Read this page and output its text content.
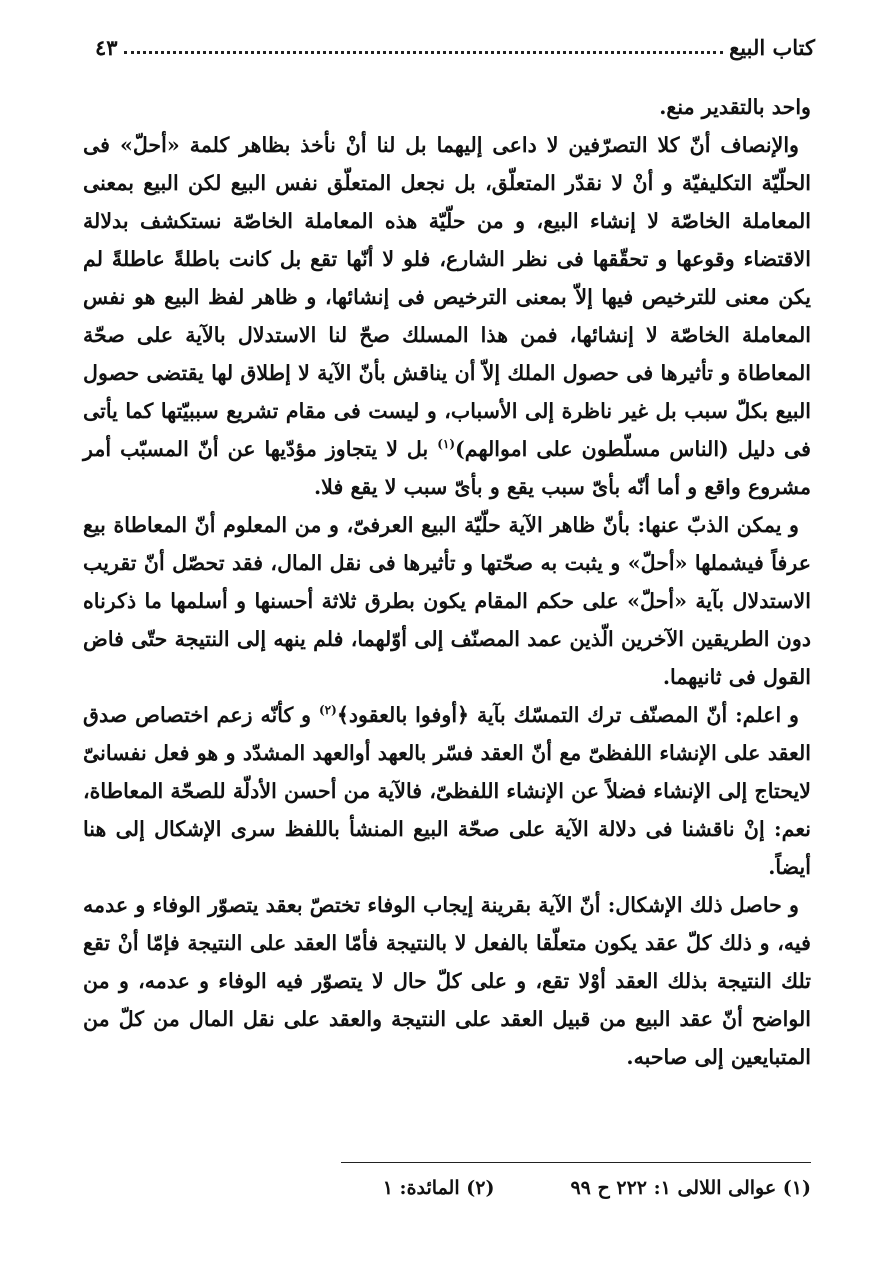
كتاب البيع
٤٣

واحد بالتقدير منع.

والإنصاف أنّ كلا التصرّفين لا داعى إليهما بل لنا أنْ نأخذ بظاهر كلمة «أحلّ» فى الحلّيّة التكليفيّة و أنْ لا نقدّر المتعلّق، بل نجعل المتعلّق نفس البيع لكن البيع بمعنى المعاملة الخاصّة لا إنشاء البيع، و من حلّيّة هذه المعاملة الخاصّة نستكشف بدلالة الاقتضاء وقوعها و تحقّقها فى نظر الشارع، فلو لا أنّها تقع بل كانت باطلةً عاطلةً لم يكن معنى للترخيص فيها إلاّ بمعنى الترخيص فى إنشائها، و ظاهر لفظ البيع هو نفس المعاملة الخاصّة لا إنشائها، فمن هذا المسلك صحّ لنا الاستدلال بالآية على صحّة المعاطاة و تأثيرها فى حصول الملك إلاّ أن يناقش بأنّ الآية لا إطلاق لها يقتضى حصول البيع بكلّ سبب بل غير ناظرة إلى الأسباب، و ليست فى مقام تشريع سببيّتها كما يأتى فى دليل (الناس مسلّطون على اموالهم)$^{(١)}$ بل لا يتجاوز مؤدّيها عن أنّ المسبّب أمر مشروع واقع و أما أنّه بأىّ سبب يقع و بأىّ سبب لا يقع فلا.

و يمكن الذبّ عنها: بأنّ ظاهر الآية حلّيّة البيع العرفىّ، و من المعلوم أنّ المعاطاة بيع عرفاً فيشملها «أحلّ» و يثبت به صحّتها و تأثيرها فى نقل المال، فقد تحصّل أنّ تقريب الاستدلال بآية «أحلّ» على حكم المقام يكون بطرق ثلاثة أحسنها و أسلمها ما ذكرناه دون الطريقين الآخرين الّذين عمد المصنّف إلى أوّلهما، فلم ينهه إلى النتيجة حتّى فاض القول فى ثانيهما.

و اعلم: أنّ المصنّف ترك التمسّك بآية ﴿أوفوا بالعقود﴾$^{(٢)}$ و كأنّه زعم اختصاص صدق العقد على الإنشاء اللفظىّ مع أنّ العقد فسّر بالعهد أوالعهد المشدّد و هو فعل نفسانىّ لايحتاج إلى الإنشاء فضلاً عن الإنشاء اللفظىّ، فالآية من أحسن الأدلّة للصحّة المعاطاة، نعم: إنْ ناقشنا فى دلالة الآية على صحّة البيع المنشأ باللفظ سرى الإشكال إلى هنا أيضاً.

و حاصل ذلك الإشكال: أنّ الآية بقرينة إيجاب الوفاء تختصّ بعقد يتصوّر الوفاء و عدمه فيه، و ذلك كلّ عقد يكون متعلّقا بالفعل لا بالنتيجة فأمّا العقد على النتيجة فإمّا أنْ تقع تلك النتيجة بذلك العقد أوْلا تقع، و على كلّ حال لا يتصوّر فيه الوفاء و عدمه، و من الواضح أنّ عقد البيع من قبيل العقد على النتيجة والعقد على نقل المال من كلّ من المتبايعين إلى صاحبه.

(١) عوالى اللالى ١: ٢٢٢ ح ٩٩
(٢) المائدة: ١
